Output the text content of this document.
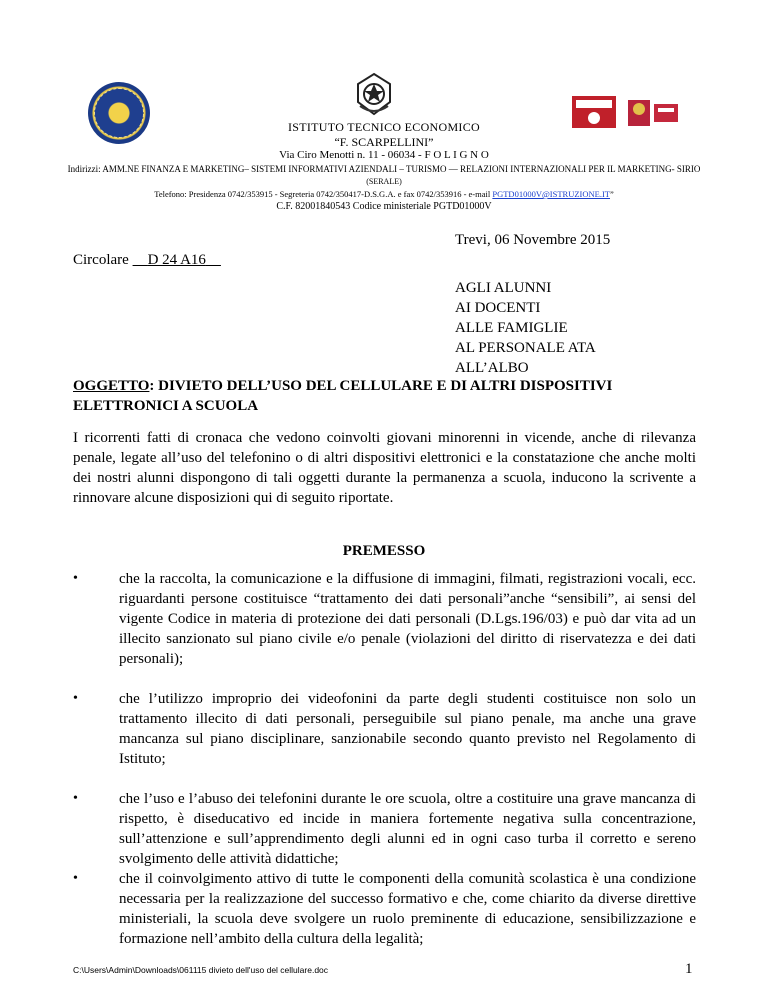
ISTITUTO TECNICO ECONOMICO
“F. SCARPELLINI”
Via Ciro Menotti n. 11 - 06034 - F O L I G N O
Indirizzi: AMM.NE FINANZA E MARKETING– SISTEMI INFORMATIVI AZIENDALI – TURISMO — RELAZIONI INTERNAZIONALI PER IL MARKETING- SIRIO
(SERALE)
Telefono: Presidenza 0742/353915 - Segreteria 0742/350417-D.S.G.A. e fax 0742/353916 - e-mail PGTD01000V@ISTRUZIONE.IT”
C.F. 82001840543 Codice ministeriale PGTD01000V
Trevi, 06 Novembre 2015
Circolare D 24 A16
AGLI ALUNNI
AI DOCENTI
ALLE FAMIGLIE
AL PERSONALE ATA
ALL’ALBO
OGGETTO: DIVIETO DELL’USO DEL CELLULARE E DI ALTRI DISPOSITIVI ELETTRONICI A SCUOLA
I ricorrenti fatti di cronaca che vedono coinvolti giovani minorenni in vicende, anche di rilevanza penale, legate all’uso del telefonino o di altri dispositivi elettronici e la constatazione che anche molti dei nostri alunni dispongono di tali oggetti durante la permanenza a scuola, inducono la scrivente a rinnovare alcune disposizioni qui di seguito riportate.
PREMESSO
•	che la raccolta, la comunicazione e la diffusione di immagini, filmati, registrazioni vocali, ecc. riguardanti persone costituisce “trattamento dei dati personali”anche “sensibili”, ai sensi del vigente Codice in materia di protezione dei dati personali (D.Lgs.196/03) e può dar vita ad un illecito sanzionato sul piano civile e/o penale (violazioni del diritto di riservatezza e dei dati personali);
•	che l’utilizzo improprio dei videofonini da parte degli studenti costituisce non solo un trattamento illecito di dati personali, perseguibile sul piano penale, ma anche una grave mancanza sul piano disciplinare, sanzionabile secondo quanto previsto nel Regolamento di Istituto;
•	che l’uso e l’abuso dei telefonini durante le ore scuola, oltre a costituire una grave mancanza di rispetto, è diseducativo ed incide in maniera fortemente negativa sulla concentrazione, sull’attenzione e sull’apprendimento degli alunni ed in ogni caso turba il corretto e sereno svolgimento delle attività didattiche;
•	che il coinvolgimento attivo di tutte le componenti della comunità scolastica è una condizione necessaria per la realizzazione del successo formativo e che, come chiarito da diverse direttive ministeriali, la scuola deve svolgere un ruolo preminente di educazione, sensibilizzazione e formazione nell’ambito della cultura della legalità;
C:\Users\Admin\Downloads\061115 divieto dell'uso del cellulare.doc	1
